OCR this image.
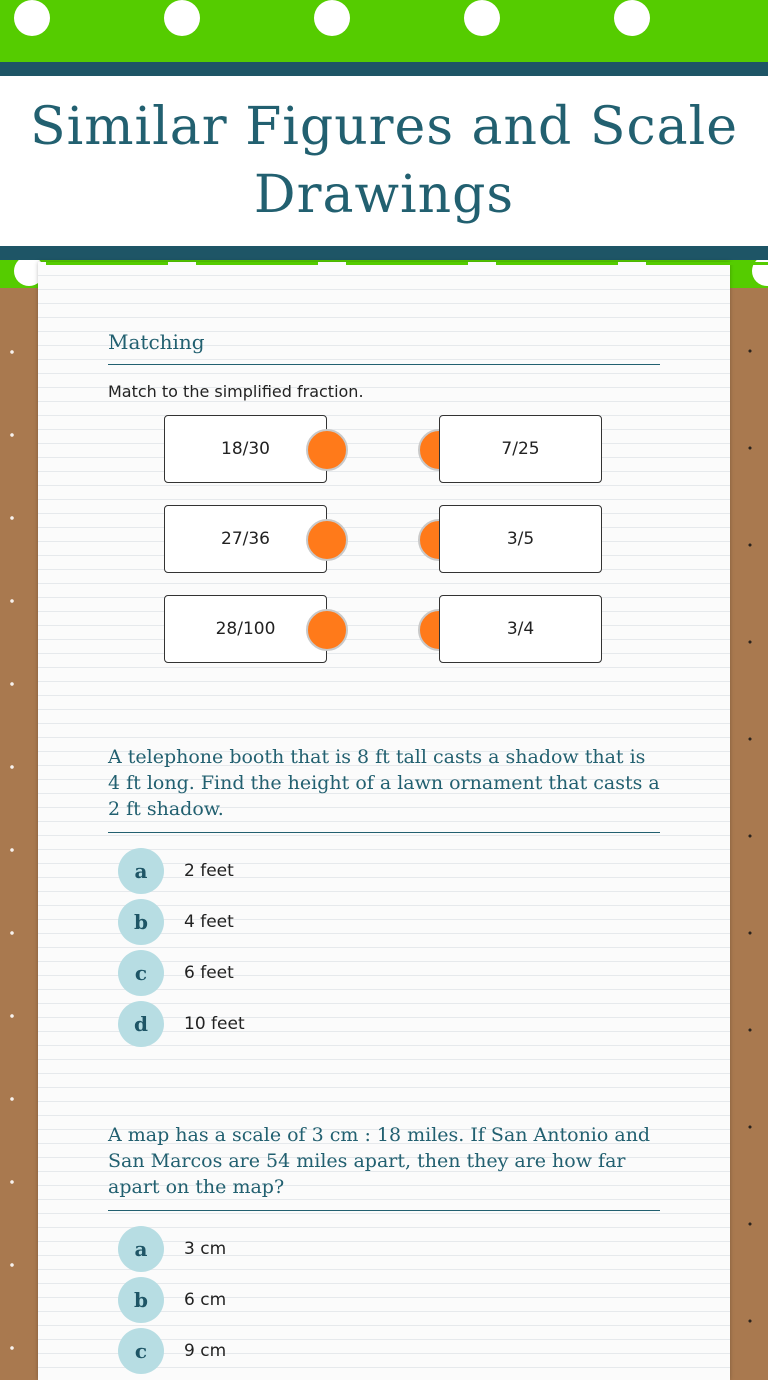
Similar Figures and Scale Drawings
Matching
Match to the simplified fraction.
18/30	7/25
27/36	3/5
28/100	3/4
A telephone booth that is 8 ft tall casts a shadow that is 4 ft long. Find the height of a lawn ornament that casts a 2 ft shadow.
a	2 feet
b	4 feet
c	6 feet
d	10 feet
A map has a scale of 3 cm : 18 miles. If San Antonio and San Marcos are 54 miles apart, then they are how far apart on the map?
a	3 cm
b	6 cm
c	9 cm
